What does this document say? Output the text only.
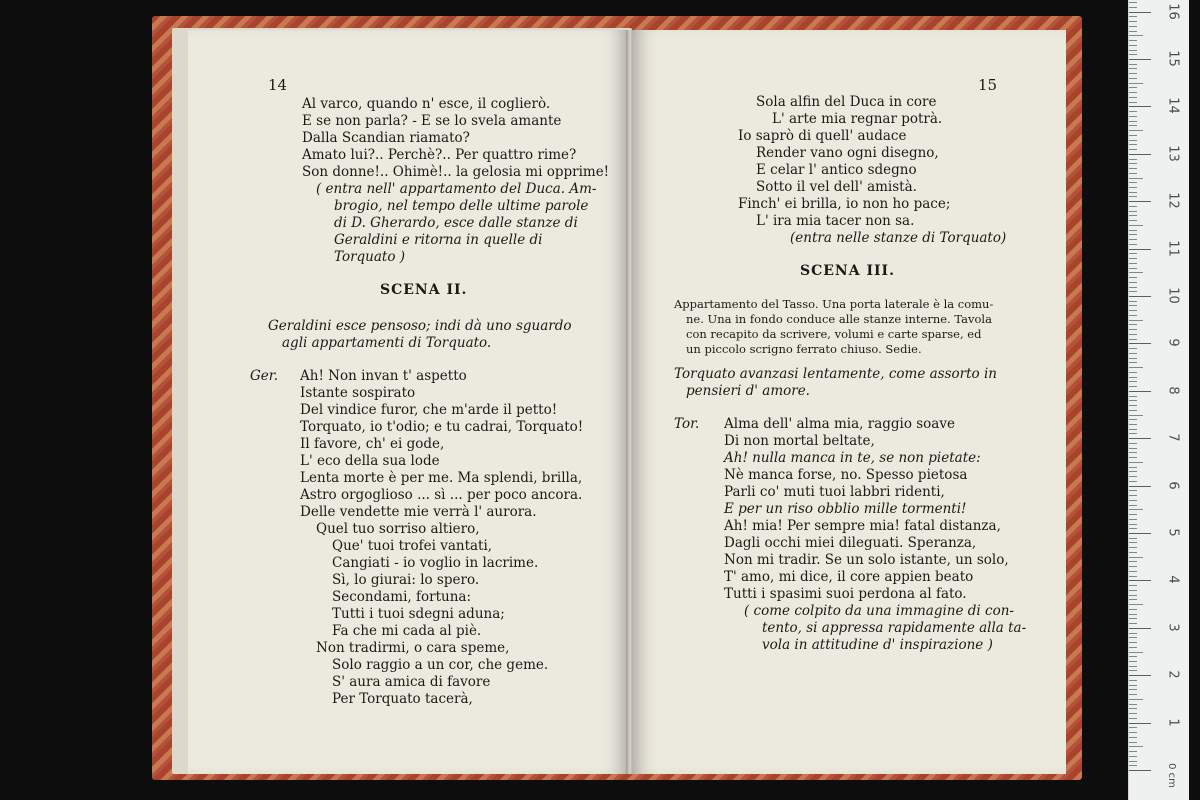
14
Al varco, quando n' esce, il coglierò.
E se non parla? - E se lo svela amante
Dalla Scandian riamato?
Amato lui?.. Perchè?.. Per quattro rime?
Son donne!.. Ohimè!.. la gelosia mi opprime!
( entra nell' appartamento del Duca. Am-
brogio, nel tempo delle ultime parole
di D. Gherardo, esce dalle stanze di
Geraldini e ritorna in quelle di
Torquato )
SCENA II.
Geraldini esce pensoso; indi dà uno sguardo
agli appartamenti di Torquato.
Ger. Ah! Non invan t' aspetto
Istante sospirato
Del vindice furor, che m'arde il petto!
Torquato, io t'odio; e tu cadrai, Torquato!
Il favore, ch' ei gode,
L' eco della sua lode
Lenta morte è per me. Ma splendi, brilla,
Astro orgoglioso ... sì ... per poco ancora.
Delle vendette mie verrà l' aurora.
Quel tuo sorriso altiero,
Que' tuoi trofei vantati,
Cangiati - io voglio in lacrime.
Sì, lo giurai: lo spero.
Secondami, fortuna:
Tutti i tuoi sdegni aduna;
Fa che mi cada al piè.
Non tradirmi, o cara speme,
Solo raggio a un cor, che geme.
S' aura amica di favore
Per Torquato tacerà,
15
Sola alfin del Duca in core
L' arte mia regnar potrà.
Io saprò di quell' audace
Render vano ogni disegno,
E celar l' antico sdegno
Sotto il vel dell' amistà.
Finch' ei brilla, io non ho pace;
L' ira mia tacer non sa.
(entra nelle stanze di Torquato)
SCENA III.
Appartamento del Tasso. Una porta laterale è la comu-
ne. Una in fondo conduce alle stanze interne. Tavola
con recapito da scrivere, volumi e carte sparse, ed
un piccolo scrigno ferrato chiuso. Sedie.
Torquato avanzasi lentamente, come assorto in
pensieri d' amore.
Tor. Alma dell' alma mia, raggio soave
Di non mortal beltate,
Ah! nulla manca in te, se non pietate:
Nè manca forse, no. Spesso pietosa
Parli co' muti tuoi labbri ridenti,
E per un riso obblio mille tormenti!
Ah! mia! Per sempre mia! fatal distanza,
Dagli occhi miei dileguati. Speranza,
Non mi tradir. Se un solo istante, un solo,
T' amo, mi dice, il core appien beato
Tutti i spasimi suoi perdona al fato.
( come colpito da una immagine di con-
tento, si appressa rapidamente alla ta-
vola in attitudine d' inspirazione )
16
15
14
13
12
11
10
9
8
7
6
5
4
3
2
1
0 cm
